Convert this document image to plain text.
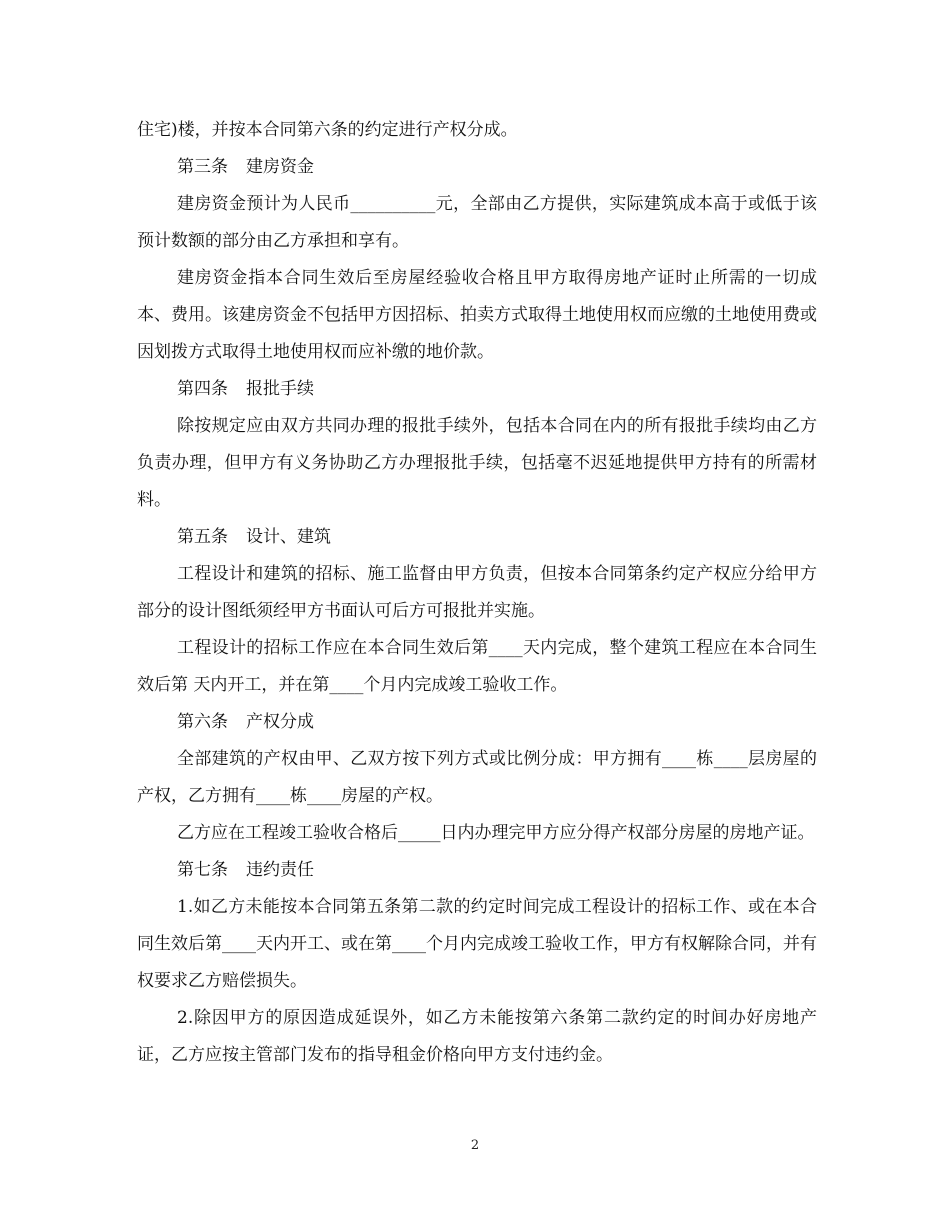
住宅)楼，并按本合同第六条的约定进行产权分成。

第三条 建房资金

建房资金预计为人民币__________元，全部由乙方提供，实际建筑成本高于或低于该预计数额的部分由乙方承担和享有。

建房资金指本合同生效后至房屋经验收合格且甲方取得房地产证时止所需的一切成本、费用。该建房资金不包括甲方因招标、拍卖方式取得土地使用权而应缴的土地使用费或因划拨方式取得土地使用权而应补缴的地价款。

第四条 报批手续

除按规定应由双方共同办理的报批手续外，包括本合同在内的所有报批手续均由乙方负责办理，但甲方有义务协助乙方办理报批手续，包括毫不迟延地提供甲方持有的所需材料。

第五条 设计、建筑

工程设计和建筑的招标、施工监督由甲方负责，但按本合同第条约定产权应分给甲方部分的设计图纸须经甲方书面认可后方可报批并实施。

工程设计的招标工作应在本合同生效后第____天内完成，整个建筑工程应在本合同生效后第 天内开工，并在第____个月内完成竣工验收工作。

第六条 产权分成

全部建筑的产权由甲、乙双方按下列方式或比例分成：甲方拥有____栋____层房屋的产权，乙方拥有____栋____房屋的产权。

乙方应在工程竣工验收合格后_____日内办理完甲方应分得产权部分房屋的房地产证。

第七条 违约责任

1.如乙方未能按本合同第五条第二款的约定时间完成工程设计的招标工作、或在本合同生效后第____天内开工、或在第____个月内完成竣工验收工作，甲方有权解除合同，并有权要求乙方赔偿损失。

2.除因甲方的原因造成延误外，如乙方未能按第六条第二款约定的时间办好房地产证，乙方应按主管部门发布的指导租金价格向甲方支付违约金。

2
